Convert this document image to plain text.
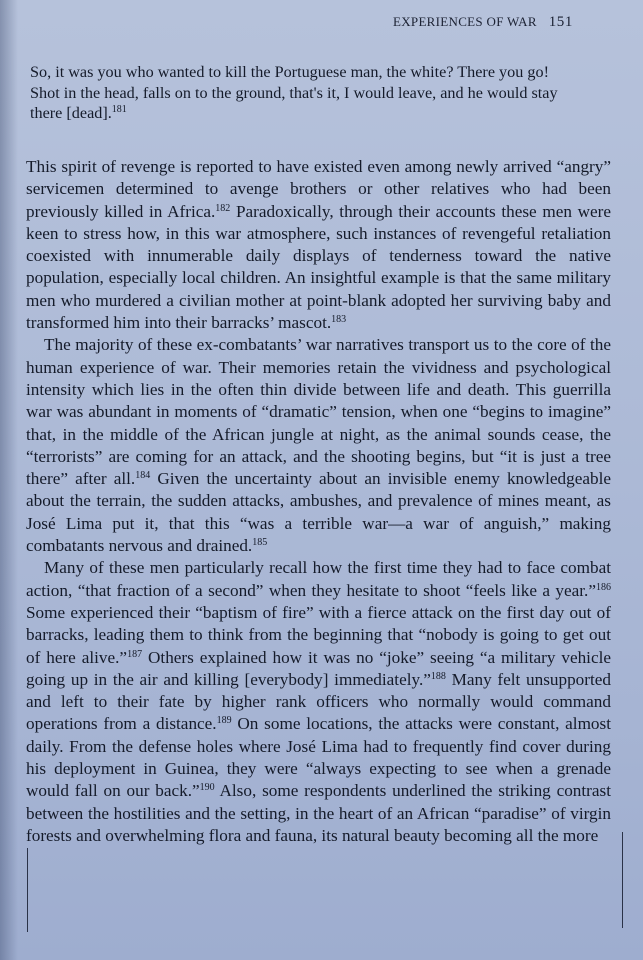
EXPERIENCES OF WAR 151
So, it was you who wanted to kill the Portuguese man, the white? There you go! Shot in the head, falls on to the ground, that's it, I would leave, and he would stay there [dead].$^{181}$

This spirit of revenge is reported to have existed even among newly arrived “angry” servicemen determined to avenge brothers or other relatives who had been previously killed in Africa.$^{182}$ Paradoxically, through their accounts these men were keen to stress how, in this war atmosphere, such instances of revengeful retaliation coexisted with innumerable daily displays of tenderness toward the native population, especially local children. An insightful example is that the same military men who murdered a civilian mother at point-blank adopted her surviving baby and transformed him into their barracks’ mascot.$^{183}$

The majority of these ex-combatants’ war narratives transport us to the core of the human experience of war. Their memories retain the vividness and psychological intensity which lies in the often thin divide between life and death. This guerrilla war was abundant in moments of “dramatic” tension, when one “begins to imagine” that, in the middle of the African jungle at night, as the animal sounds cease, the “terrorists” are coming for an attack, and the shooting begins, but “it is just a tree there” after all.$^{184}$ Given the uncertainty about an invisible enemy knowledgeable about the terrain, the sudden attacks, ambushes, and prevalence of mines meant, as José Lima put it, that this “was a terrible war—a war of anguish,” making combatants nervous and drained.$^{185}$

Many of these men particularly recall how the first time they had to face combat action, “that fraction of a second” when they hesitate to shoot “feels like a year.”$^{186}$ Some experienced their “baptism of fire” with a fierce attack on the first day out of barracks, leading them to think from the beginning that “nobody is going to get out of here alive.”$^{187}$ Others explained how it was no “joke” seeing “a military vehicle going up in the air and killing [everybody] immediately.”$^{188}$ Many felt unsupported and left to their fate by higher rank officers who normally would command operations from a distance.$^{189}$ On some locations, the attacks were constant, almost daily. From the defense holes where José Lima had to frequently find cover during his deployment in Guinea, they were “always expecting to see when a grenade would fall on our back.”$^{190}$ Also, some respondents underlined the striking contrast between the hostilities and the setting, in the heart of an African “paradise” of virgin forests and overwhelming flora and fauna, its natural beauty becoming all the more
